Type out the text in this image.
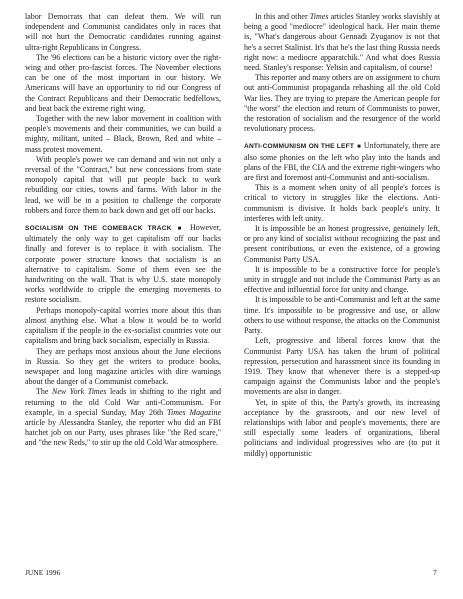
labor Democrats that can defeat them. We will run independent and Communist candidates only in races that will not hurt the Democratic candidates running against ultra-right Republicans in Congress.

The '96 elections can be a historic victory over the right-wing and other pro-fascist forces. The November elections can be one of the most important in our history. We Americans will have an opportunity to rid our Congress of the Contract Republicans and their Democratic bedfellows, and beat back the extreme right wing.

Together with the new labor movement in coalition with people's movements and their communities, we can build a mighty, militant, united – Black, Brown, Red and white – mass protest movement.

With people's power we can demand and win not only a reversal of the "Contract," but new concessions from state monopoly capital that will put people back to work rebuilding our cities, towns and farms. With labor in the lead, we will be in a position to challenge the corporate robbers and force them to back down and get off our backs.

SOCIALISM ON THE COMEBACK TRACK ■ However, ultimately the only way to get capitalism off our backs finally and forever is to replace it with socialism. The corporate power structure knows that socialism is an alternative to capitalism. Some of them even see the handwriting on the wall. That is why U.S. state monopoly works worldwide to cripple the emerging movements to restore socialism.

Perhaps monopoly-capital worries more about this than almost anything else. What a blow it would be to world capitalism if the people in the ex-socialist countries vote out capitalism and bring back socialism, especially in Russia.

They are perhaps most anxious about the June elections in Russia. So they get the writers to produce books, newspaper and long magazine articles with dire warnings about the danger of a Communist comeback.

The New York Times leads in shifting to the right and returning to the old Cold War anti-Communism. For example, in a special Sunday, May 26th Times Magazine article by Alessandra Stanley, the reporter who did an FBI hatchet job on our Party, uses phrases like "the Red scare," and "the new Reds," to stir up the old Cold War atmosphere.

In this and other Times articles Stanley works slavishly at being a good "mediocre" ideological hack. Her main theme is, "What's dangerous about Gennadi Zyuganov is not that he's a secret Stalinist. It's that he's the last thing Russia needs right now: a mediocre apparatchik." And what does Russia need. Stanley's response: Yeltsin and capitalism, of course!

This reporter and many others are on assignment to churn out anti-Communist propaganda rehashing all the old Cold War lies. They are trying to prepare the American people for "the worst" the election and return of Communists to power, the restoration of socialism and the resurgence of the world revolutionary process.

ANTI-COMMUNISM ON THE LEFT ■ Unfortunately, there are also some phonies on the left who play into the hands and plans of the FBI, the CIA and the extreme right-wingers who are first and foremost anti-Communist and anti-socialism.

This is a moment when unity of all people's forces is critical to victory in struggles like the elections. Anti-communism is divisive. It holds back people's unity. It interferes with left unity.

It is impossible be an honest progressive, genuinely left, or pro any kind of socialist without recognizing the past and present contributions, or even the existence, of a growing Communist Party USA.

It is impossible to be a constructive force for people's unity in struggle and not include the Communist Party as an effective and influential force for unity and change.

It is impossible to be anti-Communist and left at the same time. It's impossible to be progressive and use, or allow others to use without response, the attacks on the Communist Party.

Left, progressive and liberal forces know that the Communist Party USA has taken the brunt of political repression, persecution and harassment since its founding in 1919. They know that whenever there is a stepped-up campaign against the Communists labor and the people's movements are also in danger.

Yet, in spite of this, the Party's growth, its increasing acceptance by the grassroots, and our new level of relationships with labor and people's movements, there are still especially some leaders of organizations, liberal politicians and individual progressives who are (to put it mildly) opportunistic

JUNE 1996	7
